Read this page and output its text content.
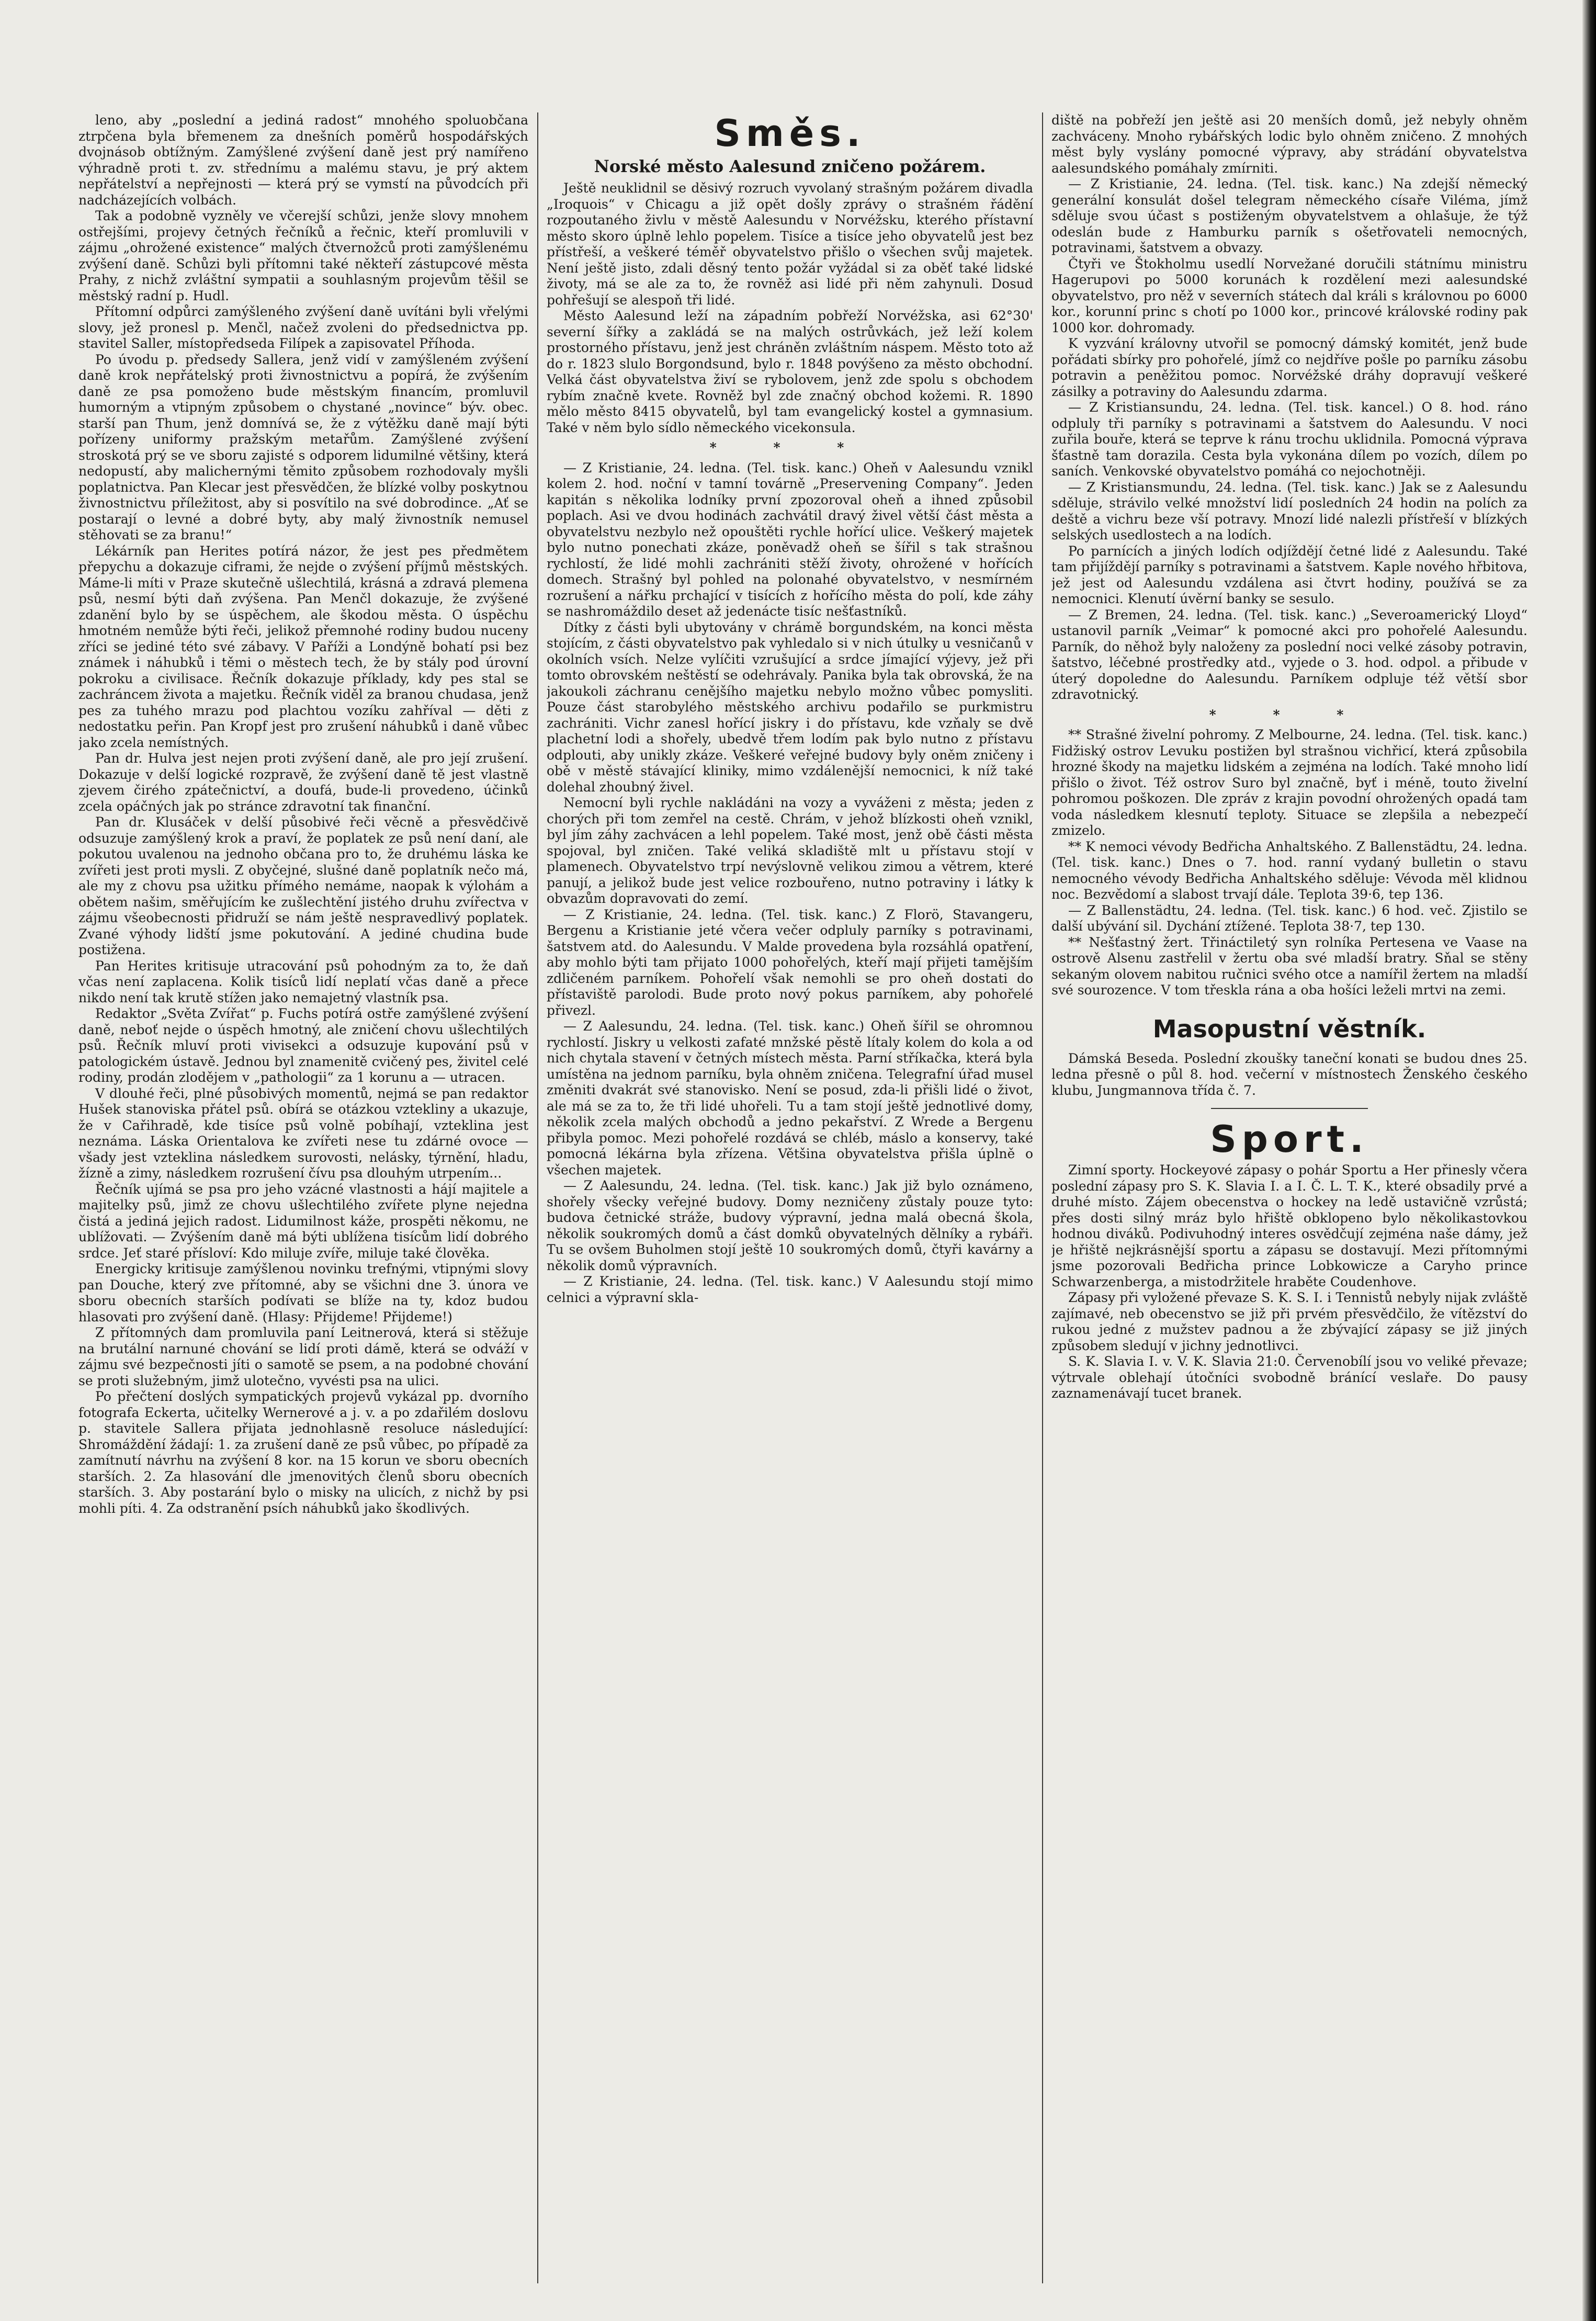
leno, aby „poslední a jediná radost“ mnohého spoluobčana ztrpčena byla břemenem za dnešních poměrů hospodářských dvojnásob obtížným. Zamýšlené zvýšení daně jest prý namířeno výhradně proti t. zv. střednímu a malému stavu, je prý aktem nepřátelství a nepřejnosti — která prý se vymstí na původcích při nadcházejících volbách.

Tak a podobně vyzněly ve včerejší schůzi, jenže slovy mnohem ostřejšími, projevy četných řečníků a řečnic, kteří promluvili v zájmu „ohrožené existence“ malých čtvernožců proti zamýšlenému zvýšení daně. Schůzi byli přítomni také někteří zástupcové města Prahy, z nichž zvláštní sympatii a souhlasným projevům těšil se městský radní p. Hudl.

Přítomní odpůrci zamýšleného zvýšení daně uvítáni byli vřelými slovy, jež pronesl p. Menčl, načež zvoleni do předsednictva pp. stavitel Saller, místopředseda Filípek a zapisovatel Příhoda.

Po úvodu p. předsedy Sallera, jenž vidí v zamýšleném zvýšení daně krok nepřátelský proti živnostnictvu a popírá, že zvýšením daně ze psa pomoženo bude městským financím, promluvil humorným a vtipným způsobem o chystané „novince“ býv. obec. starší pan Thum, jenž domnívá se, že z výtěžku daně mají býti pořízeny uniformy pražským metařům. Zamýšlené zvýšení stroskotá prý se ve sboru zajisté s odporem lidumilné většiny, která nedopustí, aby malichernými těmito způsobem rozhodovaly myšli poplatnictva. Pan Klecar jest přesvědčen, že blízké volby poskytnou živnostnictvu příležitost, aby si posvítilo na své dobrodince. „Ať se postarají o levné a dobré byty, aby malý živnostník nemusel stěhovati se za branu!“

Lékárník pan Herites potírá názor, že jest pes předmětem přepychu a dokazuje ciframi, že nejde o zvýšení příjmů městských. Máme-li míti v Praze skutečně ušlechtilá, krásná a zdravá plemena psů, nesmí býti daň zvýšena. Pan Menčl dokazuje, že zvýšené zdanění bylo by se úspěchem, ale škodou města. O úspěchu hmotném nemůže býti řeči, jelikož přemnohé rodiny budou nuceny zříci se jediné této své zábavy. V Paříži a Londýně bohatí psi bez známek i náhubků i těmi o městech tech, že by stály pod úrovní pokroku a civilisace. Řečník dokazuje příklady, kdy pes stal se zachráncem života a majetku. Řečník viděl za branou chudasa, jenž pes za tuhého mrazu pod plachtou vozíku zahříval — děti z nedostatku peřin. Pan Kropf jest pro zrušení náhubků i daně vůbec jako zcela nemístných.

Pan dr. Hulva jest nejen proti zvýšení daně, ale pro její zrušení. Dokazuje v delší logické rozpravě, že zvýšení daně tě jest vlastně zjevem čirého zpátečnictví, a doufá, bude-li provedeno, účinků zcela opáčných jak po stránce zdravotní tak finanční.

Pan dr. Klusáček v delší působivé řeči věcně a přesvědčivě odsuzuje zamýšlený krok a praví, že poplatek ze psů není daní, ale pokutou uvalenou na jednoho občana pro to, že druhému láska ke zvířeti jest proti mysli. Z obyčejné, slušné daně poplatník nečo má, ale my z chovu psa užitku přímého nemáme, naopak k výlohám a obětem našim, směřujícím ke zušlechtění jistého druhu zvířectva v zájmu všeobecnosti přidruží se nám ještě nespravedlivý poplatek. Zvané výhody lidští jsme pokutování. A jediné chudina bude postižena.

Pan Herites kritisuje utracování psů pohodným za to, že daň včas není zaplacena. Kolik tisíců lidí neplatí včas daně a přece nikdo není tak krutě stížen jako nemajetný vlastník psa.

Redaktor „Světa Zvířat“ p. Fuchs potírá ostře zamýšlené zvýšení daně, neboť nejde o úspěch hmotný, ale zničení chovu ušlechtilých psů. Řečník mluví proti vivisekci a odsuzuje kupování psů v patologickém ústavě. Jednou byl znamenitě cvičený pes, živitel celé rodiny, prodán zlodějem v „pathologii“ za 1 korunu a — utracen.

V dlouhé řeči, plné působivých momentů, nejmá se pan redaktor Hušek stanoviska přátel psů. obírá se otázkou vztekliny a ukazuje, že v Cařihradě, kde tisíce psů volně pobíhají, vzteklina jest neznáma. Láska Orientalova ke zvířeti nese tu zdárné ovoce — všady jest vzteklina následkem surovosti, nelásky, týrnění, hladu, žízně a zimy, následkem rozrušení čívu psa dlouhým utrpením...

Řečník ujímá se psa pro jeho vzácné vlastnosti a hájí majitele a majitelky psů, jimž ze chovu ušlechtilého zvířete plyne nejedna čistá a jediná jejich radost. Lidumilnost káže, prospěti někomu, ne ublížovati. — Zvýšením daně má býti ublížena tisícům lidí dobrého srdce. Jeť staré přísloví: Kdo miluje zvíře, miluje také člověka.

Energicky kritisuje zamýšlenou novinku trefnými, vtipnými slovy pan Douche, který zve přítomné, aby se všichni dne 3. února ve sboru obecních starších podívati se blíže na ty, kdoz budou hlasovati pro zvýšení daně. (Hlasy: Přijdeme! Přijdeme!)

Z přítomných dam promluvila paní Leitnerová, která si stěžuje na brutální narnuné chování se lidí proti dámě, která se odváží v zájmu své bezpečnosti jíti o samotě se psem, a na podobné chování se proti služebným, jimž ulotečno, vyvésti psa na ulici.

Po přečtení doslých sympatických projevů vykázal pp. dvorního fotografa Eckerta, učitelky Wernerové a j. v. a po zdařilém doslovu p. stavitele Sallera přijata jednohlasně resoluce následující: Shromáždění žádají: 1. za zrušení daně ze psů vůbec, po případě za zamítnutí návrhu na zvýšení 8 kor. na 15 korun ve sboru obecních starších. 2. Za hlasování dle jmenovitých členů sboru obecních starších. 3. Aby postarání bylo o misky na ulicích, z nichž by psi mohli píti. 4. Za odstranění psích náhubků jako škodlivých.

Směs.
Norské město Aalesund zničeno požárem.

Ještě neuklidnil se děsivý rozruch vyvolaný strašným požárem divadla „Iroquois“ v Chicagu a již opět došly zprávy o strašném řádění rozpoutaného živlu v městě Aalesundu v Norvéžsku, kterého přístavní město skoro úplně lehlo popelem. Tisíce a tisíce jeho obyvatelů jest bez přístřeší, a veškeré téměř obyvatelstvo přišlo o všechen svůj majetek. Není ještě jisto, zdali děsný tento požár vyžádal si za oběť také lidské životy, má se ale za to, že rovněž asi lidé při něm zahynuli. Dosud pohřešují se alespoň tři lidé.

Město Aalesund leží na západním pobřeží Norvéžska, asi 62°30' severní šířky a zakládá se na malých ostrůvkách, jež leží kolem prostorného přístavu, jenž jest chráněn zvláštním náspem. Město toto až do r. 1823 slulo Borgondsund, bylo r. 1848 povýšeno za město obchodní. Velká část obyvatelstva živí se rybolovem, jenž zde spolu s obchodem rybím značně kvete. Rovněž byl zde značný obchod kožemi. R. 1890 mělo město 8415 obyvatelů, byl tam evangelický kostel a gymnasium. Také v něm bylo sídlo německého vicekonsula.

* * *

— Z Kristianie, 24. ledna. (Tel. tisk. kanc.) Oheň v Aalesundu vznikl kolem 2. hod. noční v tamní továrně „Preservening Company“. Jeden kapitán s několika lodníky první zpozoroval oheň a ihned způsobil poplach. Asi ve dvou hodinách zachvátil dravý živel větší část města a obyvatelstvu nezbylo než opouštěti rychle hořící ulice. Veškerý majetek bylo nutno ponechati zkáze, poněvadž oheň se šířil s tak strašnou rychlostí, že lidé mohli zachrániti stěží životy, ohrožené v hořících domech. Strašný byl pohled na polonahé obyvatelstvo, v nesmírném rozrušení a nářku prchající v tisících z hořícího města do polí, kde záhy se nashromáždilo deset až jedenácte tisíc nešťastníků.

Dítky z části byli ubytovány v chrámě borgundském, na konci města stojícím, z části obyvatelstvo pak vyhledalo si v nich útulky u vesničanů v okolních vsích. Nelze vylíčiti vzrušující a srdce jímající výjevy, jež při tomto obrovském neštěstí se odehrávaly. Panika byla tak obrovská, že na jakoukoli záchranu cenějšího majetku nebylo možno vůbec pomysliti. Pouze část starobylého městského archivu podařilo se purkmistru zachrániti. Vichr zanesl hořící jiskry i do přístavu, kde vzňaly se dvě plachetní lodi a shořely, ubedvě třem lodím pak bylo nutno z přístavu odplouti, aby unikly zkáze. Veškeré veřejné budovy byly oněm zničeny i obě v městě stávající kliniky, mimo vzdálenější nemocnici, k níž také dolehal zhoubný živel.

Nemocní byli rychle nakládáni na vozy a vyváženi z města; jeden z chorých při tom zemřel na cestě. Chrám, v jehož blízkosti oheň vznikl, byl jím záhy zachvácen a lehl popelem. Také most, jenž obě části města spojoval, byl zničen. Také veliká skladiště mlt u přístavu stojí v plamenech. Obyvatelstvo trpí nevýslovně velikou zimou a větrem, které panují, a jelikož bude jest velice rozbouřeno, nutno potraviny i látky k obvazům dopravovati do zemí.

— Z Kristianie, 24. ledna. (Tel. tisk. kanc.) Z Florö, Stavangeru, Bergenu a Kristianie jeté včera večer odpluly parníky s potravinami, šatstvem atd. do Aalesundu. V Malde provedena byla rozsáhlá opatření, aby mohlo býti tam přijato 1000 pohořelých, kteří mají přijeti tamějším zdličeném parníkem. Pohořelí však nemohli se pro oheň dostati do přístaviště parolodi. Bude proto nový pokus parníkem, aby pohořelé přivezl.

— Z Aalesundu, 24. ledna. (Tel. tisk. kanc.) Oheň šířil se ohromnou rychlostí. Jiskry u velkosti zafaté mnžské pěstě lítaly kolem do kola a od nich chytala stavení v četných místech města. Parní stříkačka, která byla umístěna na jednom parníku, byla ohněm zničena. Telegrafní úřad musel změniti dvakrát své stanovisko. Není se posud, zda-li přišli lidé o život, ale má se za to, že tři lidé uhořeli. Tu a tam stojí ještě jednotlivé domy, několik zcela malých obchodů a jedno pekařství. Z Wrede a Bergenu přibyla pomoc. Mezi pohořelé rozdává se chléb, máslo a konservy, také pomocná lékárna byla zřízena. Většina obyvatelstva přišla úplně o všechen majetek.

— Z Aalesundu, 24. ledna. (Tel. tisk. kanc.) Jak již bylo oznámeno, shořely všecky veřejné budovy. Domy nezničeny zůstaly pouze tyto: budova četnické stráže, budovy výpravní, jedna malá obecná škola, několik soukromých domů a část domků obyvatelných dělníky a rybáři. Tu se ovšem Buholmen stojí ještě 10 soukromých domů, čtyři kavárny a několik domů výpravních.

— Z Kristianie, 24. ledna. (Tel. tisk. kanc.) V Aalesundu stojí mimo celnici a výpravní skla-

diště na pobřeží jen ještě asi 20 menších domů, jež nebyly ohněm zachváceny. Mnoho rybářských lodic bylo ohněm zničeno. Z mnohých měst byly vyslány pomocné výpravy, aby strádání obyvatelstva aalesundského pomáhaly zmírniti.

— Z Kristianie, 24. ledna. (Tel. tisk. kanc.) Na zdejší německý generální konsulát došel telegram německého císaře Viléma, jímž sděluje svou účast s postiženým obyvatelstvem a ohlašuje, že týž odeslán bude z Hamburku parník s ošetřovateli nemocných, potravinami, šatstvem a obvazy.

Čtyři ve Štokholmu usedlí Norvežané doručili státnímu ministru Hagerupovi po 5000 korunách k rozdělení mezi aalesundské obyvatelstvo, pro něž v severních státech dal králi s královnou po 6000 kor., korunní princ s chotí po 1000 kor., princové královské rodiny pak 1000 kor. dohromady.

K vyzvání královny utvořil se pomocný dámský komitét, jenž bude pořádati sbírky pro pohořelé, jímž co nejdříve pošle po parníku zásobu potravin a peněžitou pomoc. Norvéžské dráhy dopravují veškeré zásilky a potraviny do Aalesundu zdarma.

— Z Kristiansundu, 24. ledna. (Tel. tisk. kancel.) O 8. hod. ráno odpluly tři parníky s potravinami a šatstvem do Aalesundu. V noci zuřila bouře, která se teprve k ránu trochu uklidnila. Pomocná výprava šťastně tam dorazila. Cesta byla vykonána dílem po vozích, dílem po saních. Venkovské obyvatelstvo pomáhá co nejochotněji.

— Z Kristiansmundu, 24. ledna. (Tel. tisk. kanc.) Jak se z Aalesundu sděluje, strávilo velké množství lidí posledních 24 hodin na polích za deště a vichru beze vší potravy. Mnozí lidé nalezli přístřeší v blízkých selských usedlostech a na lodích.

Po parnících a jiných lodích odjíždějí četné lidé z Aalesundu. Také tam přijíždějí parníky s potravinami a šatstvem. Kaple nového hřbitova, jež jest od Aalesundu vzdálena asi čtvrt hodiny, používá se za nemocnici. Klenutí úvěrní banky se sesulo.

— Z Bremen, 24. ledna. (Tel. tisk. kanc.) „Severoamerický Lloyd“ ustanovil parník „Veimar“ k pomocné akci pro pohořelé Aalesundu. Parník, do něhož byly naloženy za poslední noci velké zásoby potravin, šatstvo, léčebné prostředky atd., vyjede o 3. hod. odpol. a přibude v úterý dopoledne do Aalesundu. Parníkem odpluje též větší sbor zdravotnický.

* * *

** Strašné živelní pohromy. Z Melbourne, 24. ledna. (Tel. tisk. kanc.) Fidžiský ostrov Levuku postižen byl strašnou vichřicí, která způsobila hrozné škody na majetku lidském a zejména na lodích. Také mnoho lidí přišlo o život. Též ostrov Suro byl značně, byť i méně, touto živelní pohromou poškozen. Dle zpráv z krajin povodní ohrožených opadá tam voda následkem klesnutí teploty. Situace se zlepšila a nebezpečí zmizelo.

** K nemoci vévody Bedřicha Anhaltského. Z Ballenstädtu, 24. ledna. (Tel. tisk. kanc.) Dnes o 7. hod. ranní vydaný bulletin o stavu nemocného vévody Bedřicha Anhaltského sděluje: Vévoda měl klidnou noc. Bezvědomí a slabost trvají dále. Teplota 39·6, tep 136.

— Z Ballenstädtu, 24. ledna. (Tel. tisk. kanc.) 6 hod. več. Zjistilo se další ubývání sil. Dychání ztížené. Teplota 38·7, tep 130.

** Nešťastný žert. Třináctiletý syn rolníka Pertesena ve Vaase na ostrově Alsenu zastřelil v žertu oba své mladší bratry. Sňal se stěny sekaným olovem nabitou ručnici svého otce a namířil žertem na mladší své sourozence. V tom třeskla rána a oba hošíci leželi mrtvi na zemi.

Masopustní věstník.

Dámská Beseda. Poslední zkoušky taneční konati se budou dnes 25. ledna přesně o půl 8. hod. večerní v místnostech Ženského českého klubu, Jungmannova třída č. 7.

Sport.

Zimní sporty. Hockeyové zápasy o pohár Sportu a Her přinesly včera poslední zápasy pro S. K. Slavia I. a I. Č. L. T. K., které obsadily prvé a druhé místo. Zájem obecenstva o hockey na ledě ustavičně vzrůstá; přes dosti silný mráz bylo hřiště obklopeno bylo několikastovkou hodnou diváků. Podivuhodný interes osvědčují zejména naše dámy, jež je hřiště nejkrásnější sportu a zápasu se dostavují. Mezi přítomnými jsme pozorovali Bedřicha prince Lobkowicze a Caryho prince Schwarzenberga, a mistodržitele hraběte Coudenhove.

Zápasy při vyložené převaze S. K. S. I. i Tennistů nebyly nijak zvláště zajímavé, neb obecenstvo se již při prvém přesvědčilo, že vítězství do rukou jedné z mužstev padnou a že zbývající zápasy se již jiných způsobem sledují v jichny jednotlivci.

S. K. Slavia I. v. V. K. Slavia 21:0. Červenobílí jsou vo veliké převaze; výtrvale oblehají útočníci svobodně bránící veslaře. Do pausy zaznamenávají tucet branek.
